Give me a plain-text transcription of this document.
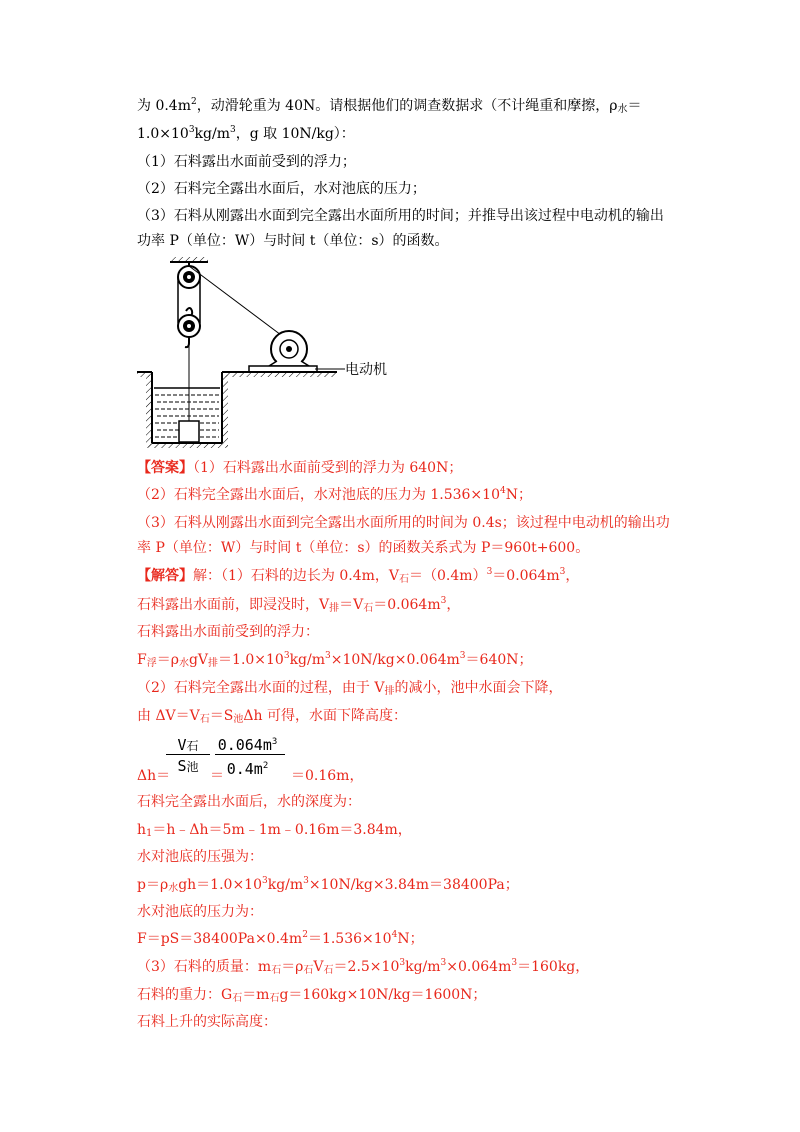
为 $0.4m^2$，动滑轮重为 40N。请根据他们的调查数据求（不计绳重和摩擦，$\rho_水=$
$1.0\times 10^3kg/m^3$，g 取 10N/kg）：
（1）石料露出水面前受到的浮力；
（2）石料完全露出水面后，水对池底的压力；
（3）石料从刚露出水面到完全露出水面所用的时间；并推导出该过程中电动机的输出
功率 P（单位：W）与时间 t（单位：s）的函数。
电动机
【答案】（1）石料露出水面前受到的浮力为 640N；
（2）石料完全露出水面后，水对池底的压力为 $1.536\times 10^4N$；
（3）石料从刚露出水面到完全露出水面所用的时间为 0.4s；该过程中电动机的输出功
率 P（单位：W）与时间 t（单位：s）的函数关系式为 P＝960t+600。
【解答】解：（1）石料的边长为 0.4m，$V_石=(0.4m)^3=0.064m^3$，
石料露出水面前，即浸没时，$V_排=V_石=0.064m^3$，
石料露出水面前受到的浮力：
$F_浮=\rho_水gV_排=1.0\times 10^3kg/m^3\times 10N/kg\times 0.064m^3=640N$；
（2）石料完全露出水面的过程，由于 $V_排$的减小，池中水面会下降，
由 $\Delta V=V_石=S_池\Delta h$ 可得，水面下降高度：
Δh＝
V石
S池
＝
$0.064m^3$
$0.4m^2$
＝0.16m，
石料完全露出水面后，水的深度为：
$h_1=h﹣\Delta h=5m﹣1m﹣0.16m=3.84m$，
水对池底的压强为：
$p=\rho_水gh=1.0\times 10^3kg/m^3\times 10N/kg\times 3.84m=38400Pa$；
水对池底的压力为：
$F=pS=38400Pa\times 0.4m^2=1.536\times 10^4N$；
（3）石料的质量：$m_石=\rho_石V_石=2.5\times 10^3kg/m^3\times 0.064m^3=160kg$，
石料的重力：$G_石=m_石g=160kg\times 10N/kg=1600N$；
石料上升的实际高度：
